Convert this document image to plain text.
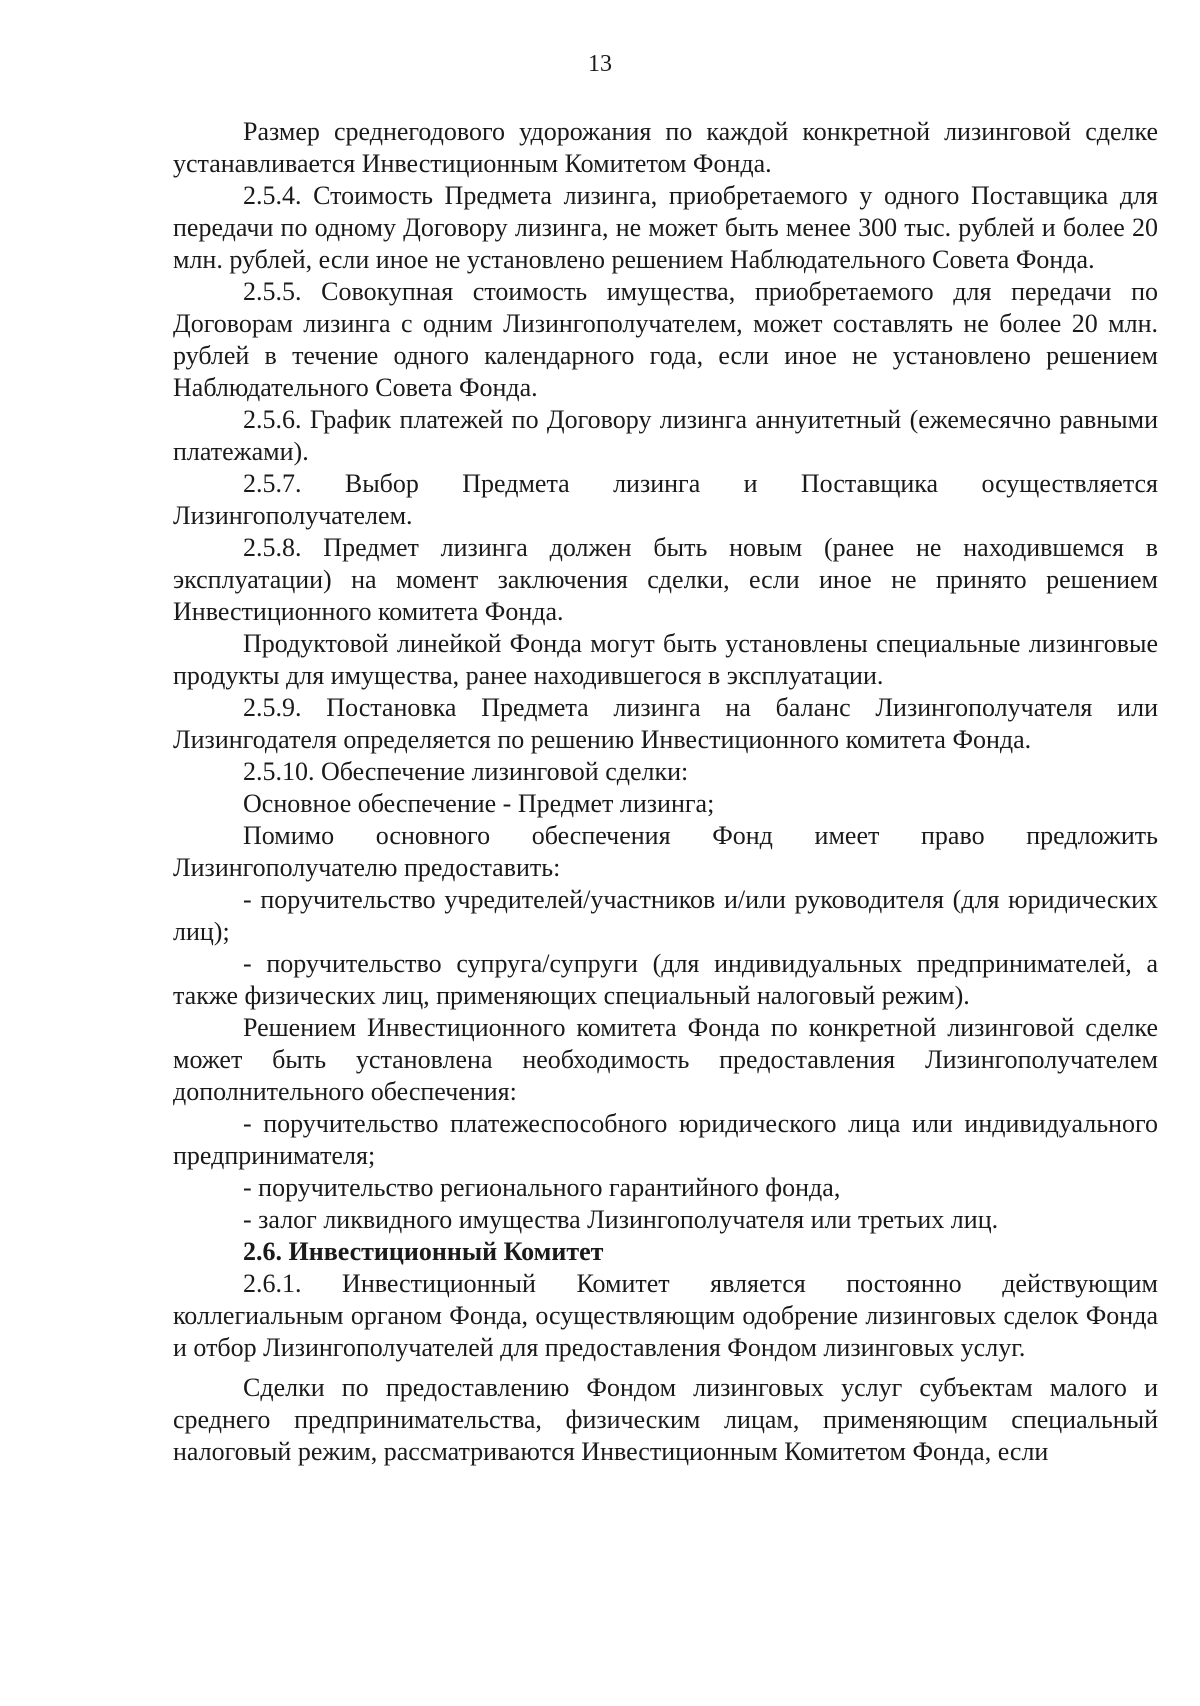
13

Размер среднегодового удорожания по каждой конкретной лизинговой сделке устанавливается Инвестиционным Комитетом Фонда.

2.5.4. Стоимость Предмета лизинга, приобретаемого у одного Поставщика для передачи по одному Договору лизинга, не может быть менее 300 тыс. рублей и более 20 млн. рублей, если иное не установлено решением Наблюдательного Совета Фонда.

2.5.5. Совокупная стоимость имущества, приобретаемого для передачи по Договорам лизинга с одним Лизингополучателем, может составлять не более 20 млн. рублей в течение одного календарного года, если иное не установлено решением Наблюдательного Совета Фонда.

2.5.6. График платежей по Договору лизинга аннуитетный (ежемесячно равными платежами).

2.5.7. Выбор Предмета лизинга и Поставщика осуществляется Лизингополучателем.

2.5.8. Предмет лизинга должен быть новым (ранее не находившемся в эксплуатации) на момент заключения сделки, если иное не принято решением Инвестиционного комитета Фонда.

Продуктовой линейкой Фонда могут быть установлены специальные лизинговые продукты для имущества, ранее находившегося в эксплуатации.

2.5.9. Постановка Предмета лизинга на баланс Лизингополучателя или Лизингодателя определяется по решению Инвестиционного комитета Фонда.

2.5.10. Обеспечение лизинговой сделки:

Основное обеспечение - Предмет лизинга;

Помимо основного обеспечения Фонд имеет право предложить Лизингополучателю предоставить:

- поручительство учредителей/участников и/или руководителя (для юридических лиц);

- поручительство супруга/супруги (для индивидуальных предпринимателей, а также физических лиц, применяющих специальный налоговый режим).

Решением Инвестиционного комитета Фонда по конкретной лизинговой сделке может быть установлена необходимость предоставления Лизингополучателем дополнительного обеспечения:

- поручительство платежеспособного юридического лица или индивидуального предпринимателя;

- поручительство регионального гарантийного фонда,

- залог ликвидного имущества Лизингополучателя или третьих лиц.

2.6. Инвестиционный Комитет

2.6.1. Инвестиционный Комитет является постоянно действующим коллегиальным органом Фонда, осуществляющим одобрение лизинговых сделок Фонда и отбор Лизингополучателей для предоставления Фондом лизинговых услуг.

Сделки по предоставлению Фондом лизинговых услуг субъектам малого и среднего предпринимательства, физическим лицам, применяющим специальный налоговый режим, рассматриваются Инвестиционным Комитетом Фонда, если
